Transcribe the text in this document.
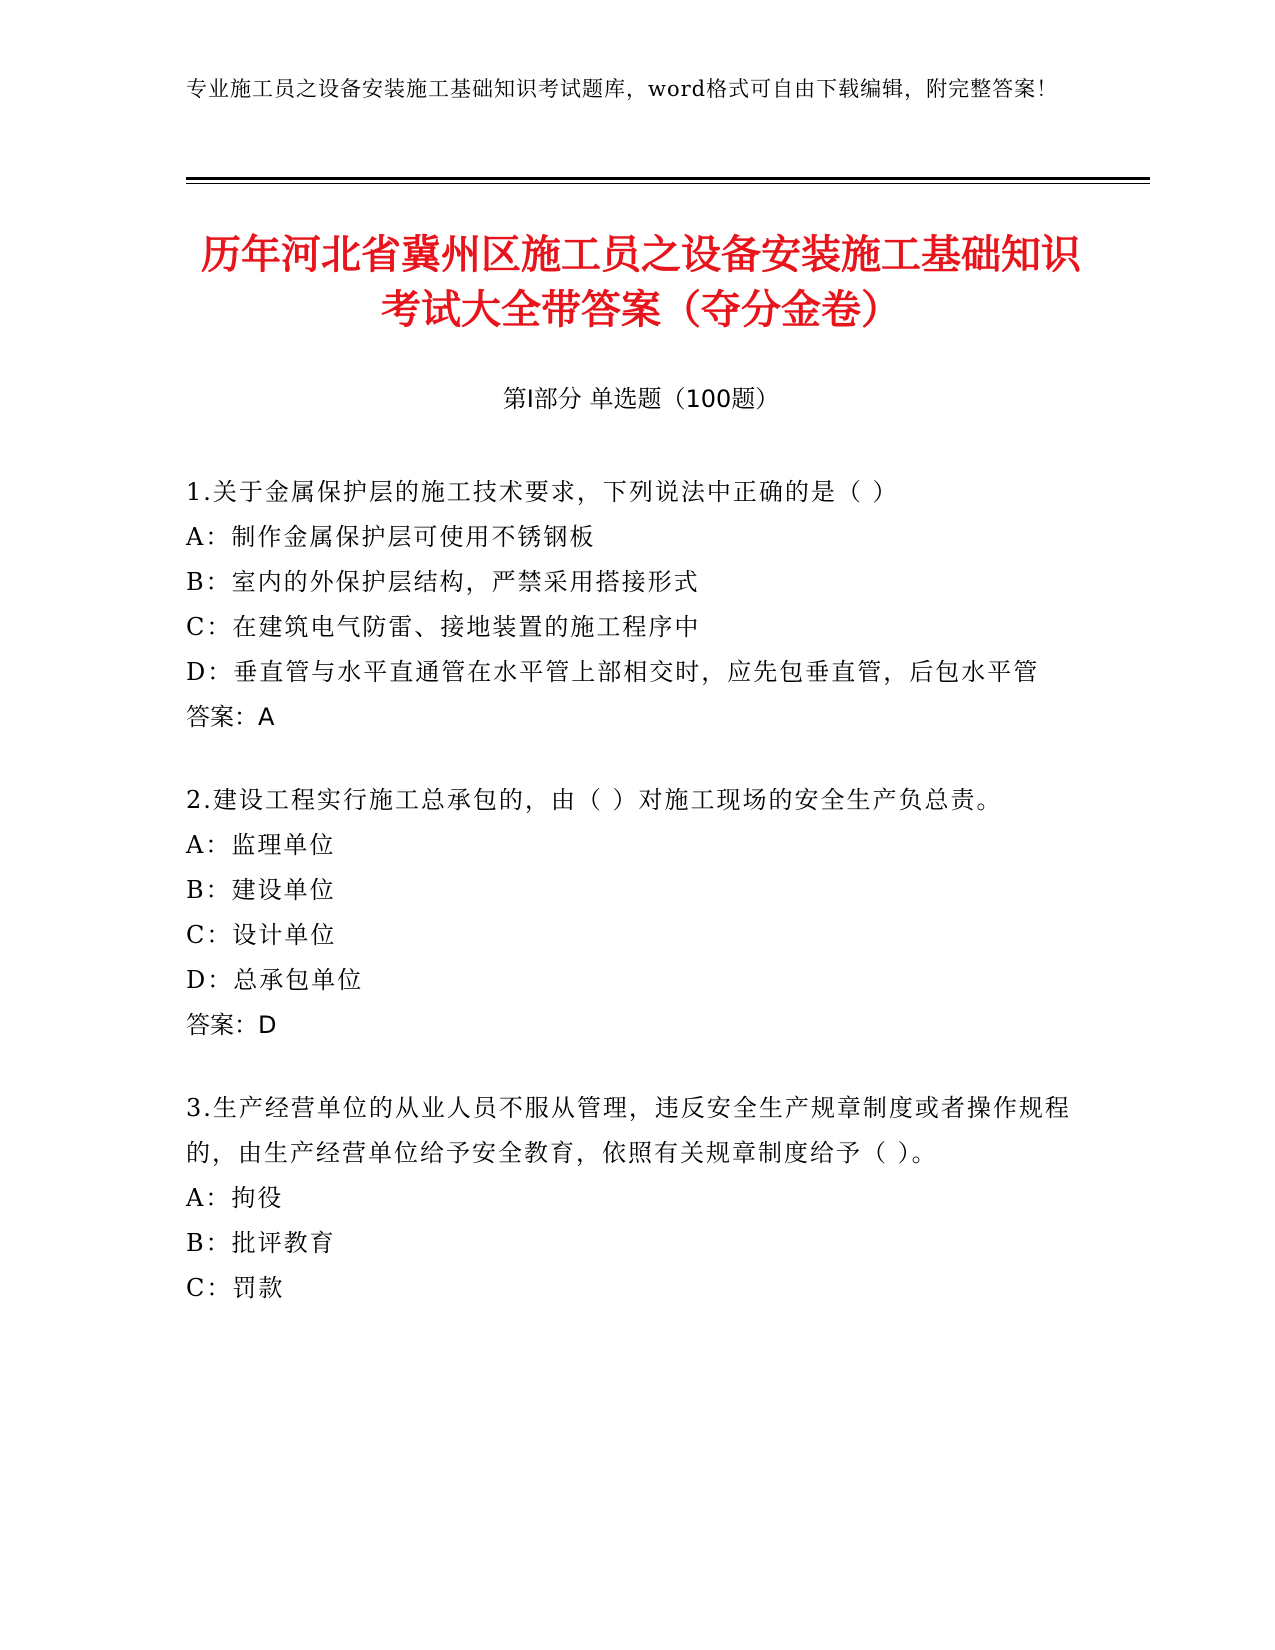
专业施工员之设备安装施工基础知识考试题库，word格式可自由下载编辑，附完整答案！
历年河北省冀州区施工员之设备安装施工基础知识考试大全带答案（夺分金卷）
第Ⅰ部分 单选题（100题）

1.关于金属保护层的施工技术要求，下列说法中正确的是（ ）

A：制作金属保护层可使用不锈钢板

B：室内的外保护层结构，严禁采用搭接形式

C：在建筑电气防雷、接地装置的施工程序中

D：垂直管与水平直通管在水平管上部相交时，应先包垂直管，后包水平管

答案：A

2.建设工程实行施工总承包的，由（ ）对施工现场的安全生产负总责。

A：监理单位

B：建设单位

C：设计单位

D：总承包单位

答案：D

3.生产经营单位的从业人员不服从管理，违反安全生产规章制度或者操作规程的，由生产经营单位给予安全教育，依照有关规章制度给予（ ）。

A：拘役

B：批评教育

C：罚款
